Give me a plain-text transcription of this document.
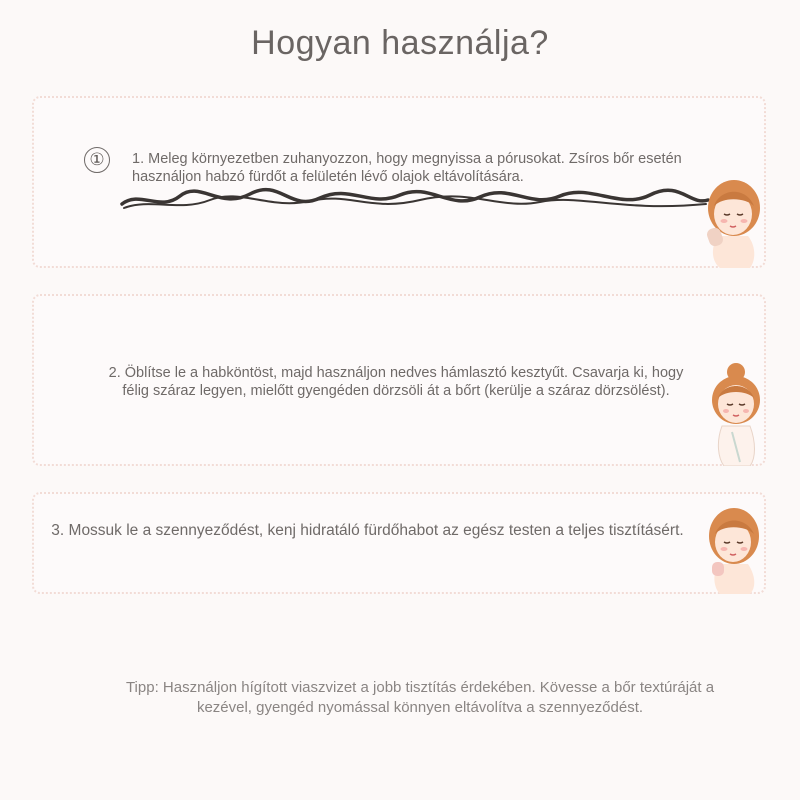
Hogyan használja?
①	1. Meleg környezetben zuhanyozzon, hogy megnyissa a pórusokat. Zsíros bőr esetén használjon habzó fürdőt a felületén lévő olajok eltávolítására.
2. Öblítse le a habköntöst, majd használjon nedves hámlasztó kesztyűt. Csavarja ki, hogy félig száraz legyen, mielőtt gyengéden dörzsöli át a bőrt (kerülje a száraz dörzsölést).
3. Mossuk le a szennyeződést, kenj hidratáló fürdőhabot az egész testen a teljes tisztításért.
Tipp: Használjon hígított viaszvizet a jobb tisztítás érdekében. Kövesse a bőr textúráját a kezével, gyengéd nyomással könnyen eltávolítva a szennyeződést.
